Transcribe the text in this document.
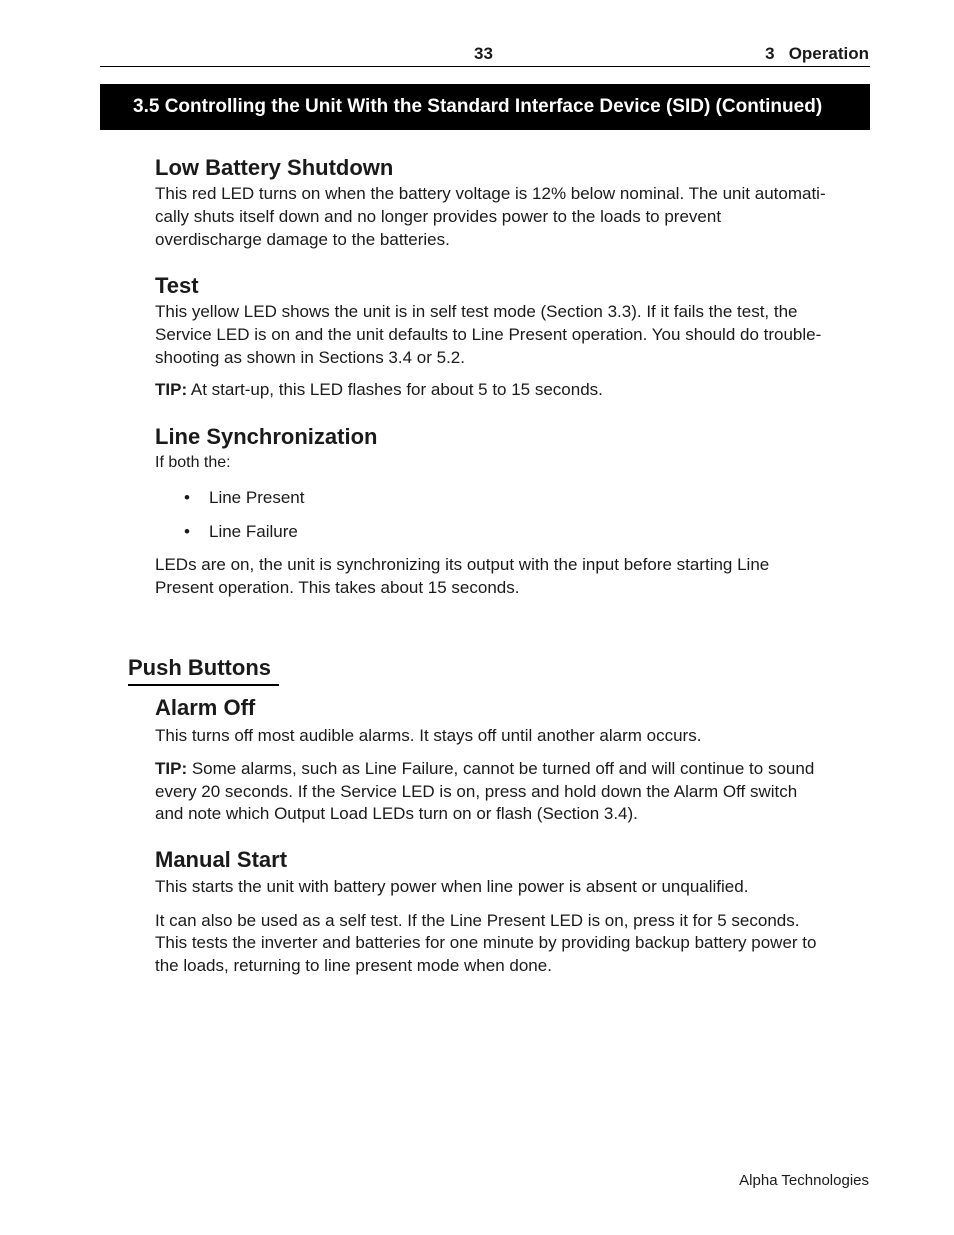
33	3   Operation
3.5 Controlling the Unit With the Standard Interface Device (SID) (Continued)
Low Battery Shutdown

This red LED turns on when the battery voltage is 12% below nominal. The unit automati-

cally shuts itself down and no longer provides power to the loads to prevent

overdischarge damage to the batteries.

Test

This yellow LED shows the unit is in self test mode (Section 3.3). If it fails the test, the

Service LED is on and the unit defaults to Line Present operation. You should do trouble-

shooting as shown in Sections 3.4 or 5.2.

TIP: At start-up, this LED flashes for about 5 to 15 seconds.

Line Synchronization

If both the:

• Line Present
• Line Failure

LEDs are on, the unit is synchronizing its output with the input before starting Line

Present operation. This takes about 15 seconds.

Push Buttons
Alarm Off

This turns off most audible alarms. It stays off until another alarm occurs.

TIP: Some alarms, such as Line Failure, cannot be turned off and will continue to sound

every 20 seconds. If the Service LED is on, press and hold down the Alarm Off switch

and note which Output Load LEDs turn on or flash (Section 3.4).

Manual Start

This starts the unit with battery power when line power is absent or unqualified.

It can also be used as a self test. If the Line Present LED is on, press it for 5 seconds.

This tests the inverter and batteries for one minute by providing backup battery power to

the loads, returning to line present mode when done.

Alpha Technologies
